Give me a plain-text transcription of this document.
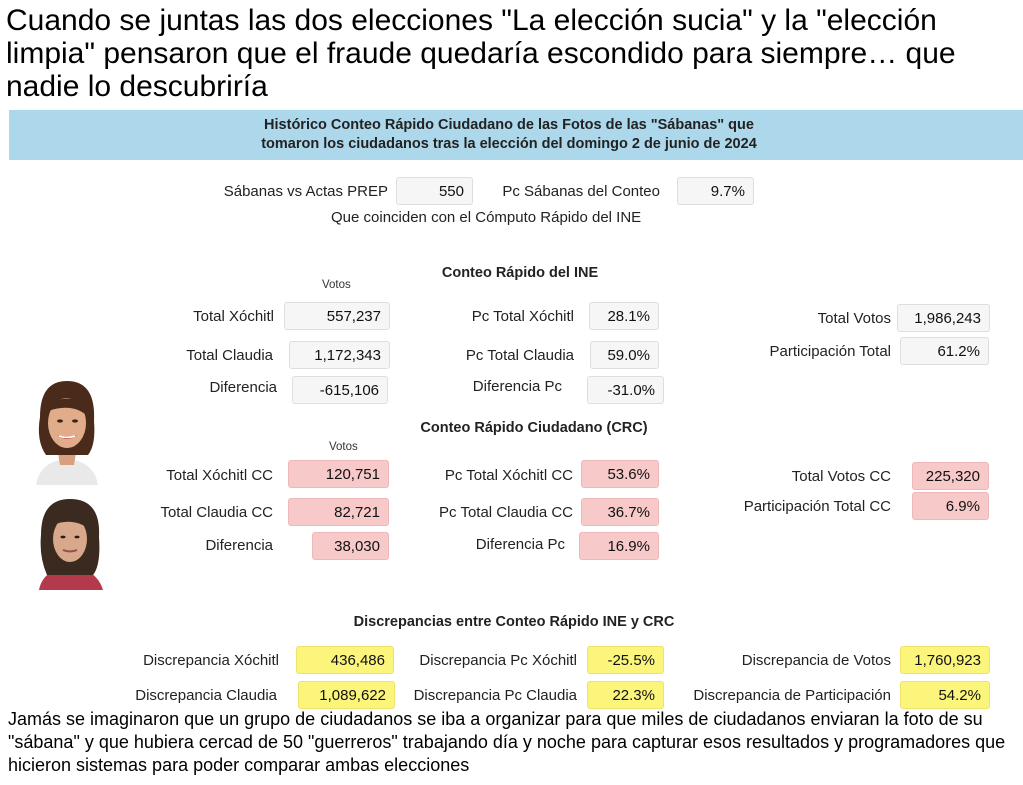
Cuando se juntas las dos elecciones "La elección sucia" y la "elección limpia" pensaron que el fraude quedaría escondido para siempre… que nadie lo descubriría
Histórico Conteo Rápido Ciudadano de las Fotos de las "Sábanas" que
tomaron los ciudadanos tras la elección del domingo 2 de junio de 2024
Sábanas vs Actas PREP	550	Pc Sábanas del Conteo	9.7%
Que coinciden con el Cómputo Rápido del INE
Conteo Rápido del INE
Votos
Total Xóchitl	557,237	Pc Total Xóchitl	28.1%
Total Claudia	1,172,343	Pc Total Claudia	59.0%
Diferencia	-615,106	Diferencia Pc	-31.0%
Total Votos	1,986,243
Participación Total	61.2%
Conteo Rápido Ciudadano (CRC)
Votos
Total Xóchitl CC	120,751	Pc Total Xóchitl CC	53.6%
Total Claudia CC	82,721	Pc Total Claudia CC	36.7%
Diferencia	38,030	Diferencia Pc	16.9%
Total Votos CC	225,320
Participación Total CC	6.9%
Discrepancias entre Conteo Rápido INE y CRC
Discrepancia Xóchitl	436,486	Discrepancia Pc Xóchitl	-25.5%	Discrepancia de Votos	1,760,923
Discrepancia Claudia	1,089,622	Discrepancia Pc Claudia	22.3%	Discrepancia de Participación	54.2%
Jamás se imaginaron que un grupo de ciudadanos se iba a organizar para que miles de ciudadanos enviaran la foto de su "sábana" y que hubiera cercad de 50 "guerreros" trabajando día y noche para capturar esos resultados y programadores que hicieron sistemas para poder comparar ambas elecciones
